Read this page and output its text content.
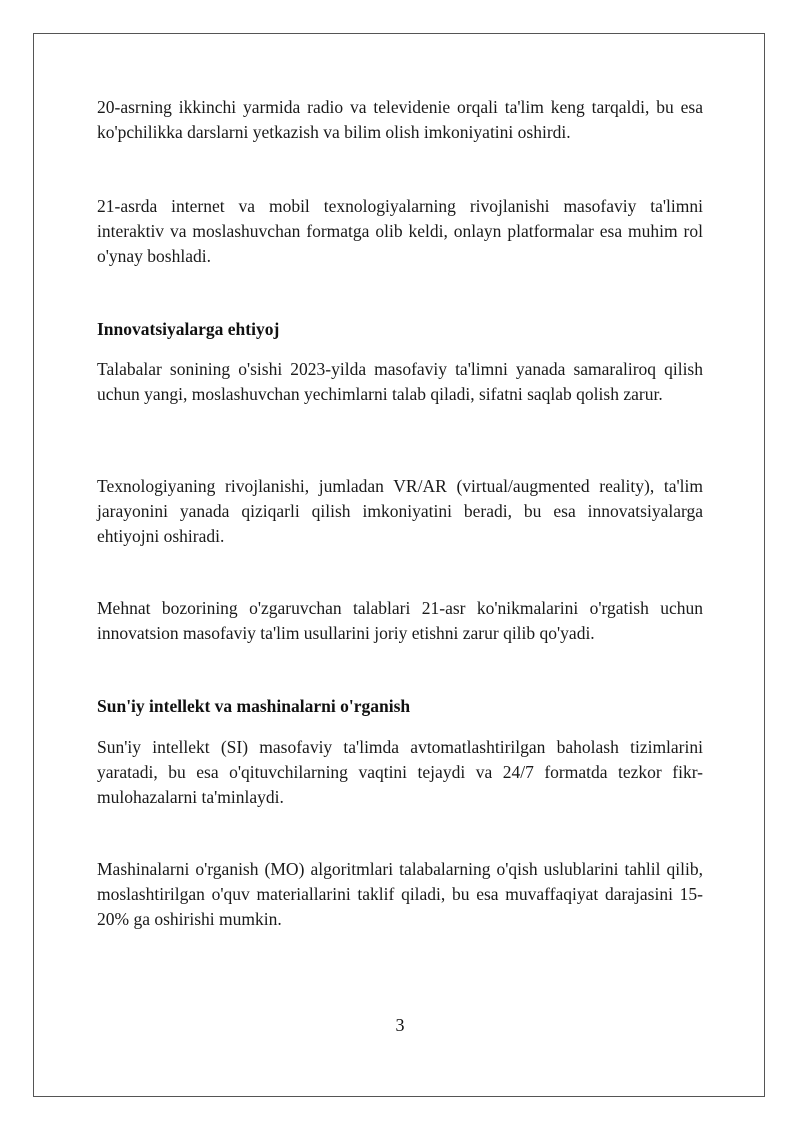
20-asrning ikkinchi yarmida radio va televidenie orqali ta'lim keng tarqaldi, bu esa ko'pchilikka darslarni yetkazish va bilim olish imkoniyatini oshirdi.

21-asrda internet va mobil texnologiyalarning rivojlanishi masofaviy ta'limni interaktiv va moslashuvchan formatga olib keldi, onlayn platformalar esa muhim rol o'ynay boshladi.

Innovatsiyalarga ehtiyoj

Talabalar sonining o'sishi 2023-yilda masofaviy ta'limni yanada samaraliroq qilish uchun yangi, moslashuvchan yechimlarni talab qiladi, sifatni saqlab qolish zarur.

Texnologiyaning rivojlanishi, jumladan VR/AR (virtual/augmented reality), ta'lim jarayonini yanada qiziqarli qilish imkoniyatini beradi, bu esa innovatsiyalarga ehtiyojni oshiradi.

Mehnat bozorining o'zgaruvchan talablari 21-asr ko'nikmalarini o'rgatish uchun innovatsion masofaviy ta'lim usullarini joriy etishni zarur qilib qo'yadi.

Sun'iy intellekt va mashinalarni o'rganish

Sun'iy intellekt (SI) masofaviy ta'limda avtomatlashtirilgan baholash tizimlarini yaratadi, bu esa o'qituvchilarning vaqtini tejaydi va 24/7 formatda tezkor fikr-mulohazalarni ta'minlaydi.

Mashinalarni o'rganish (MO) algoritmlari talabalarning o'qish uslublarini tahlil qilib, moslashtirilgan o'quv materiallarini taklif qiladi, bu esa muvaffaqiyat darajasini 15-20% ga oshirishi mumkin.

3
